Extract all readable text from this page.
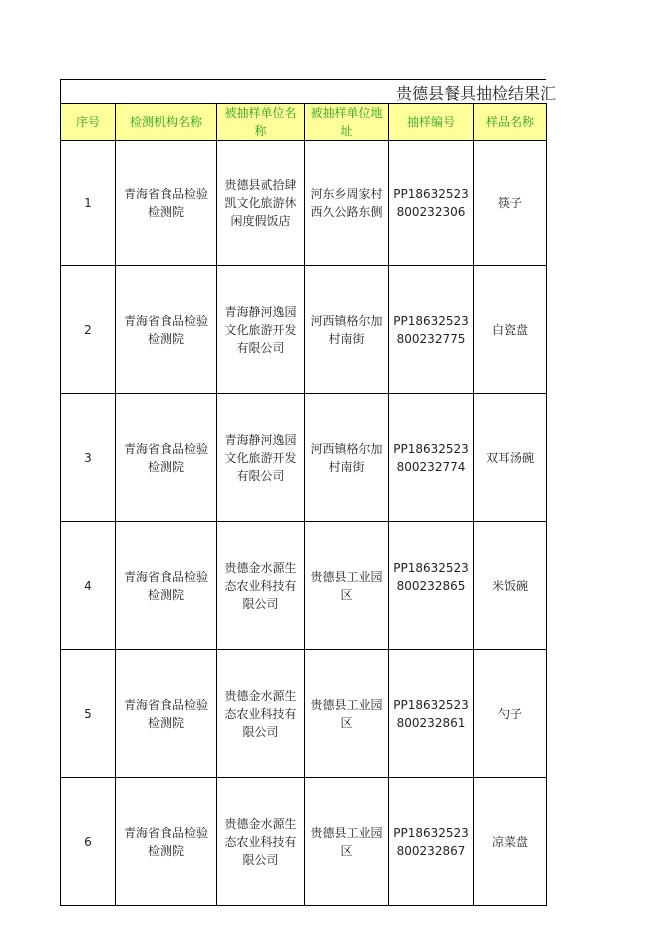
贵德县餐具抽检结果汇
序号	检测机构名称	被抽样单位名称	被抽样单位地址	抽样编号	样品名称
1	青海省食品检验检测院	贵德县贰拾肆凯文化旅游休闲度假饭店	河东乡周家村西久公路东侧	PP18632523800232306	筷子
2	青海省食品检验检测院	青海静河逸园文化旅游开发有限公司	河西镇格尔加村南街	PP18632523800232775	白瓷盘
3	青海省食品检验检测院	青海静河逸园文化旅游开发有限公司	河西镇格尔加村南街	PP18632523800232774	双耳汤碗
4	青海省食品检验检测院	贵德金水源生态农业科技有限公司	贵德县工业园区	PP18632523800232865	米饭碗
5	青海省食品检验检测院	贵德金水源生态农业科技有限公司	贵德县工业园区	PP18632523800232861	勺子
6	青海省食品检验检测院	贵德金水源生态农业科技有限公司	贵德县工业园区	PP18632523800232867	凉菜盘
